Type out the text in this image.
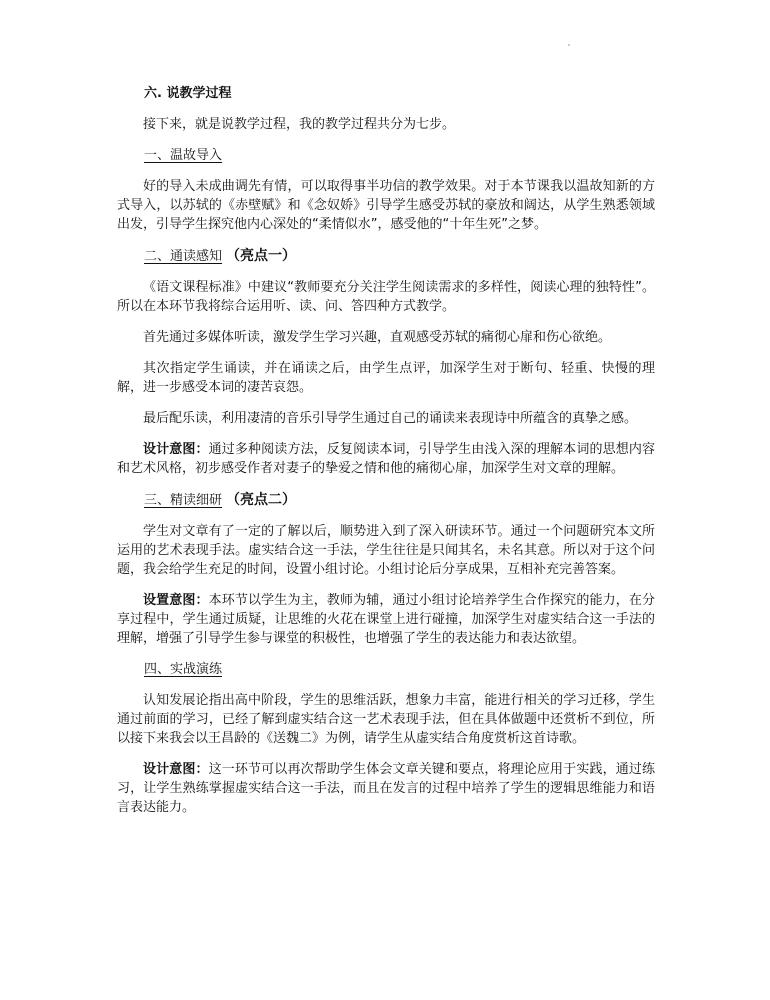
六. 说教学过程

接下来，就是说教学过程，我的教学过程共分为七步。

一、温故导入

好的导入未成曲调先有情，可以取得事半功信的教学效果。对于本节课我以温故知新的方式导入，以苏轼的《赤壁赋》和《念奴娇》引导学生感受苏轼的豪放和阔达，从学生熟悉领域出发，引导学生探究他内心深处的“柔情似水”，感受他的“十年生死”之梦。

二、通读感知 （亮点一）

《语文课程标准》中建议“教师要充分关注学生阅读需求的多样性，阅读心理的独特性”。所以在本环节我将综合运用听、读、问、答四种方式教学。

首先通过多媒体听读，激发学生学习兴趣，直观感受苏轼的痛彻心扉和伤心欲绝。

其次指定学生诵读，并在诵读之后，由学生点评，加深学生对于断句、轻重、快慢的理解，进一步感受本词的凄苦哀怨。

最后配乐读，利用凄清的音乐引导学生通过自己的诵读来表现诗中所蕴含的真挚之感。

设计意图：通过多种阅读方法，反复阅读本词，引导学生由浅入深的理解本词的思想内容和艺术风格，初步感受作者对妻子的挚爱之情和他的痛彻心扉，加深学生对文章的理解。

三、精读细研 （亮点二）

学生对文章有了一定的了解以后，顺势进入到了深入研读环节。通过一个问题研究本文所运用的艺术表现手法。虚实结合这一手法，学生往往是只闻其名，未名其意。所以对于这个问题，我会给学生充足的时间，设置小组讨论。小组讨论后分享成果，互相补充完善答案。

设置意图：本环节以学生为主，教师为辅，通过小组讨论培养学生合作探究的能力，在分享过程中，学生通过质疑，让思维的火花在课堂上进行碰撞，加深学生对虚实结合这一手法的理解，增强了引导学生参与课堂的积极性，也增强了学生的表达能力和表达欲望。

四、实战演练

认知发展论指出高中阶段，学生的思维活跃，想象力丰富，能进行相关的学习迁移，学生通过前面的学习，已经了解到虚实结合这一艺术表现手法，但在具体做题中还赏析不到位，所以接下来我会以王昌龄的《送魏二》为例，请学生从虚实结合角度赏析这首诗歌。

设计意图：这一环节可以再次帮助学生体会文章关键和要点，将理论应用于实践，通过练习，让学生熟练掌握虚实结合这一手法，而且在发言的过程中培养了学生的逻辑思维能力和语言表达能力。
